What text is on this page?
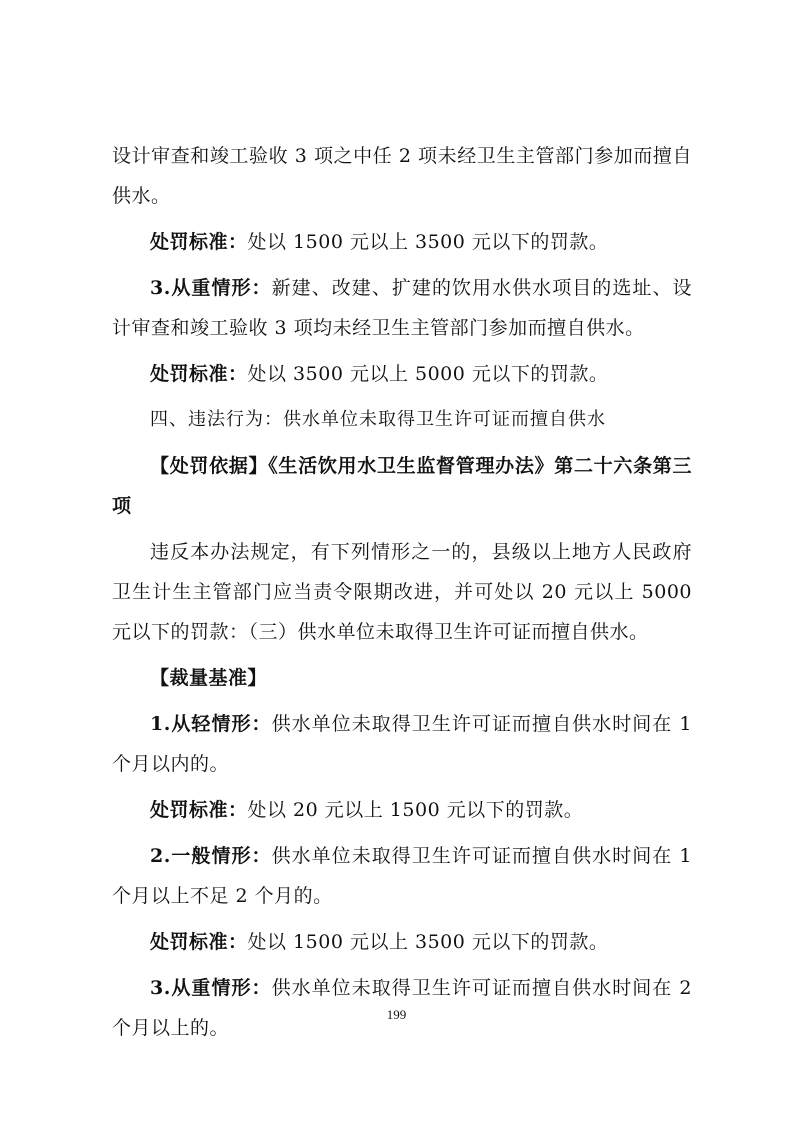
设计审查和竣工验收 3 项之中任 2 项未经卫生主管部门参加而擅自供水。

处罚标准：处以 1500 元以上 3500 元以下的罚款。

3.从重情形：新建、改建、扩建的饮用水供水项目的选址、设计审查和竣工验收 3 项均未经卫生主管部门参加而擅自供水。

处罚标准：处以 3500 元以上 5000 元以下的罚款。

四、违法行为：供水单位未取得卫生许可证而擅自供水

【处罚依据】《生活饮用水卫生监督管理办法》第二十六条第三项

违反本办法规定，有下列情形之一的，县级以上地方人民政府卫生计生主管部门应当责令限期改进，并可处以 20 元以上 5000 元以下的罚款：（三）供水单位未取得卫生许可证而擅自供水。

【裁量基准】

1.从轻情形：供水单位未取得卫生许可证而擅自供水时间在 1 个月以内的。

处罚标准：处以 20 元以上 1500 元以下的罚款。

2.一般情形：供水单位未取得卫生许可证而擅自供水时间在 1 个月以上不足 2 个月的。

处罚标准：处以 1500 元以上 3500 元以下的罚款。

3.从重情形：供水单位未取得卫生许可证而擅自供水时间在 2 个月以上的。

199
